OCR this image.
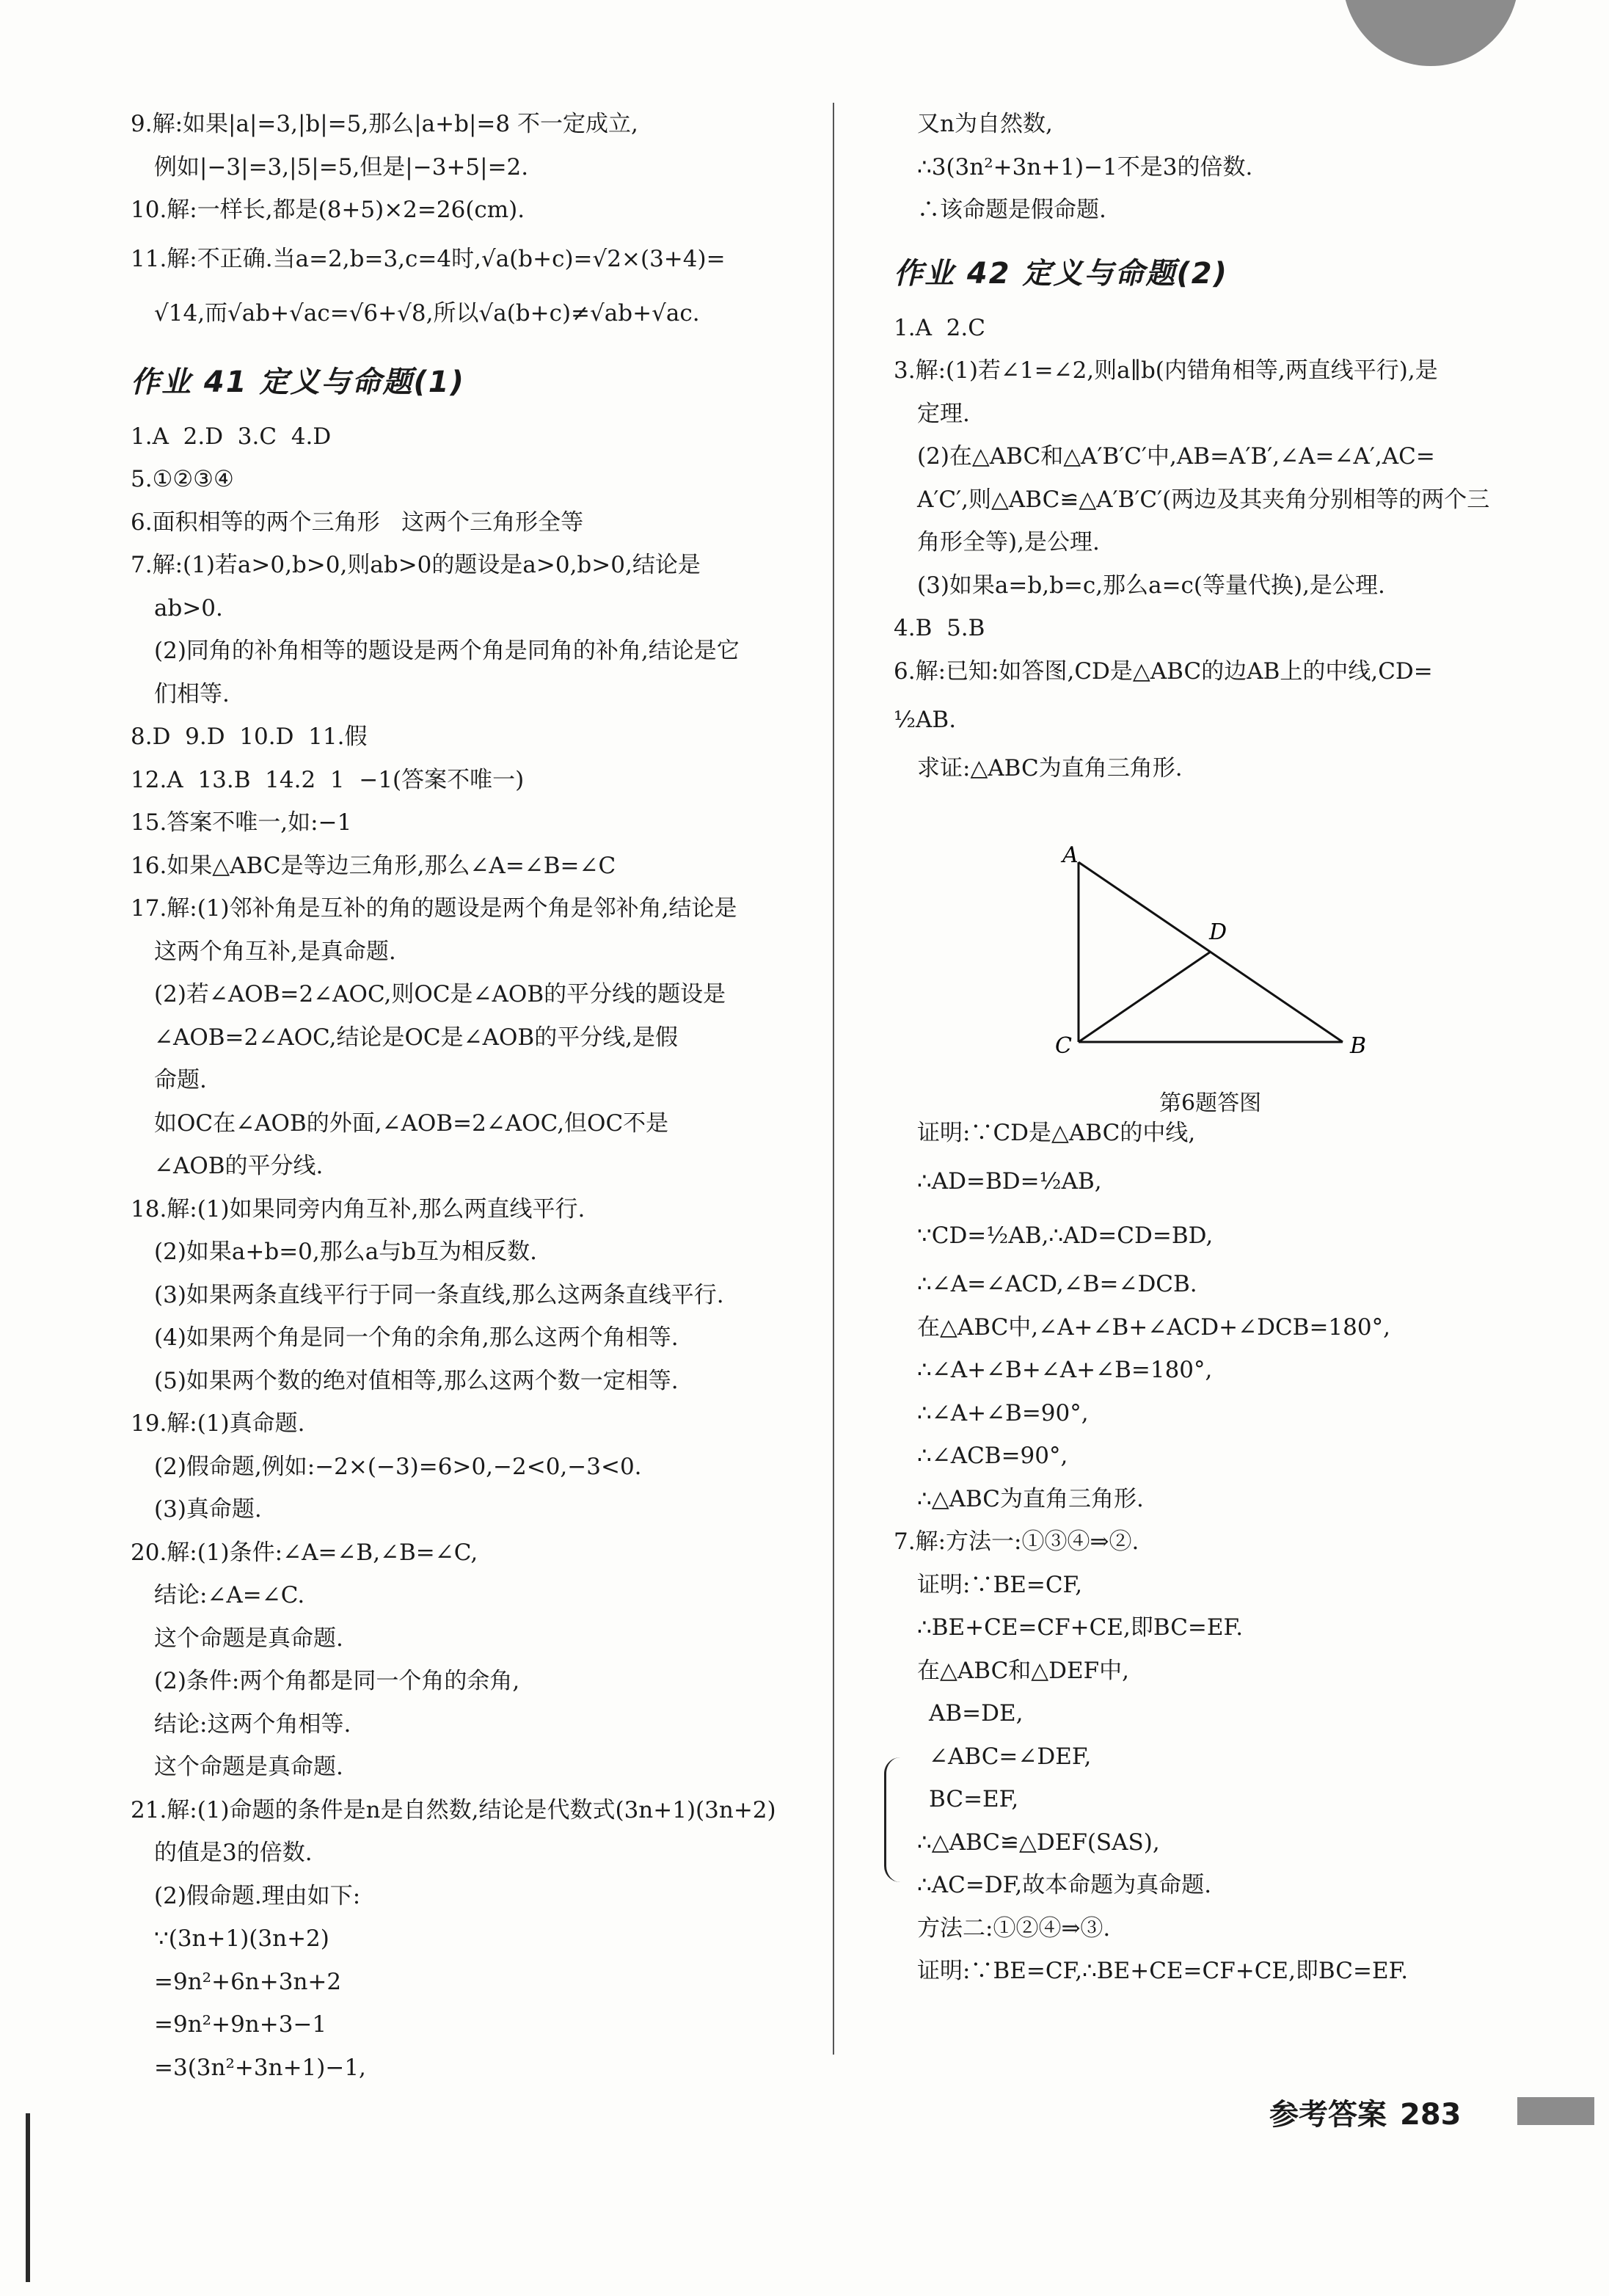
9.解:如果|a|=3,|b|=5,那么|a+b|=8 不一定成立,
例如|−3|=3,|5|=5,但是|−3+5|=2.
10.解:一样长,都是(8+5)×2=26(cm).
11.解:不正确.当a=2,b=3,c=4时,√a(b+c)=√2×(3+4)=
√14,而√ab+√ac=√6+√8,所以√a(b+c)≠√ab+√ac.
作业 41 定义与命题(1)
1.A  2.D  3.C  4.D
5.①②③④
6.面积相等的两个三角形   这两个三角形全等
7.解:(1)若a>0,b>0,则ab>0的题设是a>0,b>0,结论是
ab>0.
(2)同角的补角相等的题设是两个角是同角的补角,结论是它
们相等.
8.D  9.D  10.D  11.假
12.A  13.B  14.2  1  −1(答案不唯一)
15.答案不唯一,如:−1
16.如果△ABC是等边三角形,那么∠A=∠B=∠C
17.解:(1)邻补角是互补的角的题设是两个角是邻补角,结论是
这两个角互补,是真命题.
(2)若∠AOB=2∠AOC,则OC是∠AOB的平分线的题设是
∠AOB=2∠AOC,结论是OC是∠AOB的平分线,是假
命题.
如OC在∠AOB的外面,∠AOB=2∠AOC,但OC不是
∠AOB的平分线.
18.解:(1)如果同旁内角互补,那么两直线平行.
(2)如果a+b=0,那么a与b互为相反数.
(3)如果两条直线平行于同一条直线,那么这两条直线平行.
(4)如果两个角是同一个角的余角,那么这两个角相等.
(5)如果两个数的绝对值相等,那么这两个数一定相等.
19.解:(1)真命题.
(2)假命题,例如:−2×(−3)=6>0,−2<0,−3<0.
(3)真命题.
20.解:(1)条件:∠A=∠B,∠B=∠C,
结论:∠A=∠C.
这个命题是真命题.
(2)条件:两个角都是同一个角的余角,
结论:这两个角相等.
这个命题是真命题.
21.解:(1)命题的条件是n是自然数,结论是代数式(3n+1)(3n+2)
的值是3的倍数.
(2)假命题.理由如下:
∵(3n+1)(3n+2)
=9n²+6n+3n+2
=9n²+9n+3−1
=3(3n²+3n+1)−1,
又n为自然数,
∴3(3n²+3n+1)−1不是3的倍数.
∴该命题是假命题.
作业 42 定义与命题(2)
1.A  2.C
3.解:(1)若∠1=∠2,则a∥b(内错角相等,两直线平行),是
定理.
(2)在△ABC和△A′B′C′中,AB=A′B′,∠A=∠A′,AC=
A′C′,则△ABC≌△A′B′C′(两边及其夹角分别相等的两个三
角形全等),是公理.
(3)如果a=b,b=c,那么a=c(等量代换),是公理.
4.B  5.B
6.解:已知:如答图,CD是△ABC的边AB上的中线,CD=
½AB.
求证:△ABC为直角三角形.
证明:∵CD是△ABC的中线,
∴AD=BD=½AB,
∵CD=½AB,∴AD=CD=BD,
∴∠A=∠ACD,∠B=∠DCB.
在△ABC中,∠A+∠B+∠ACD+∠DCB=180°,
∴∠A+∠B+∠A+∠B=180°,
∴∠A+∠B=90°,
∴∠ACB=90°,
∴△ABC为直角三角形.
7.解:方法一:①③④⇒②.
证明:∵BE=CF,
∴BE+CE=CF+CE,即BC=EF.
在△ABC和△DEF中,
AB=DE,
∠ABC=∠DEF,
BC=EF,
∴△ABC≌△DEF(SAS),
∴AC=DF,故本命题为真命题.
方法二:①②④⇒③.
证明:∵BE=CF,∴BE+CE=CF+CE,即BC=EF.
A
D
C	B
第6题答图
参考答案 283
